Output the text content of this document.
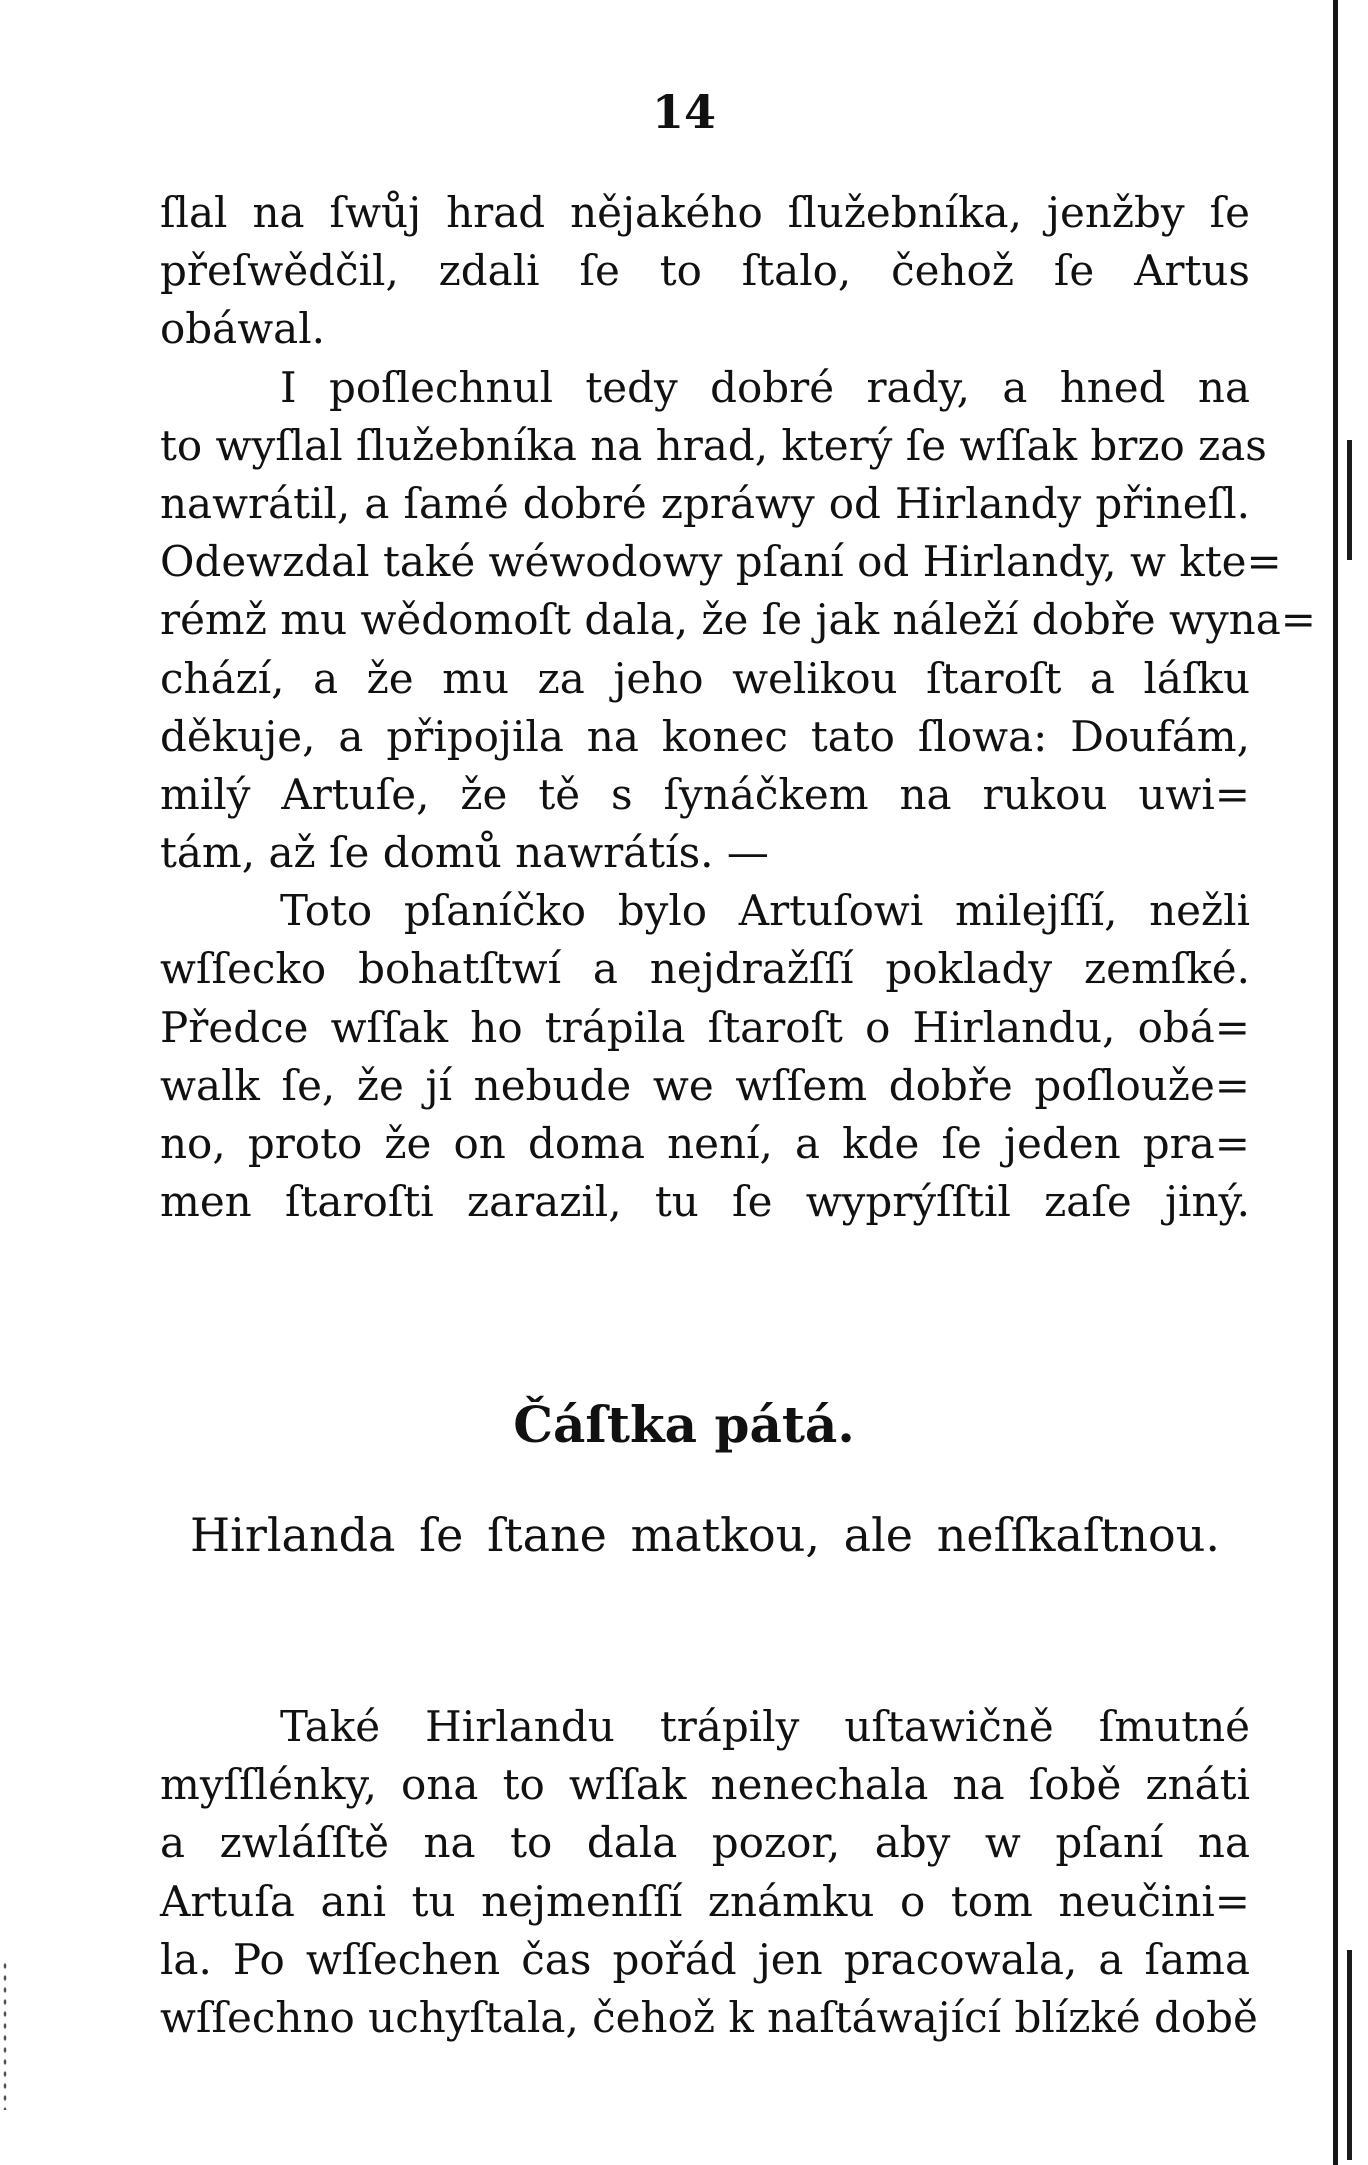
14
ſlal na ſwůj hrad nějakého ſlužebníka, jenžby ſe
přeſwědčil, zdali ſe to ſtalo, čehož ſe Artus
obáwal.
I poſlechnul tedy dobré rady, a hned na
to wyſlal ſlužebníka na hrad, který ſe wſſak brzo zas
nawrátil, a ſamé dobré zpráwy od Hirlandy přineſl.
Odewzdal také wéwodowy pſaní od Hirlandy, w kte=
rémž mu wědomoſt dala, že ſe jak náleží dobře wyna=
chází, a že mu za jeho welikou ſtaroſt a láſku
děkuje, a připojila na konec tato ſlowa: Doufám,
milý Artuſe, že tě s ſynáčkem na rukou uwi=
tám, až ſe domů nawrátís. —
Toto pſaníčko bylo Artuſowi milejſſí, nežli
wſſecko bohatſtwí a nejdražſſí poklady zemſké.
Předce wſſak ho trápila ſtaroſt o Hirlandu, obá=
walk ſe, že jí nebude we wſſem dobře poſlouže=
no, proto že on doma není, a kde ſe jeden pra=
men ſtaroſti zarazil, tu ſe wyprýſſtil zaſe jiný.
Čáſtka pátá.
Hirlanda ſe ſtane matkou, ale neſſkaſtnou.
Také Hirlandu trápily uſtawičně ſmutné
myſſlénky, ona to wſſak nenechala na ſobě znáti
a zwláſſtě na to dala pozor, aby w pſaní na
Artuſa ani tu nejmenſſí známku o tom neučini=
la. Po wſſechen čas pořád jen pracowala, a ſama
wſſechno uchyſtala, čehož k naſtáwající blízké době
